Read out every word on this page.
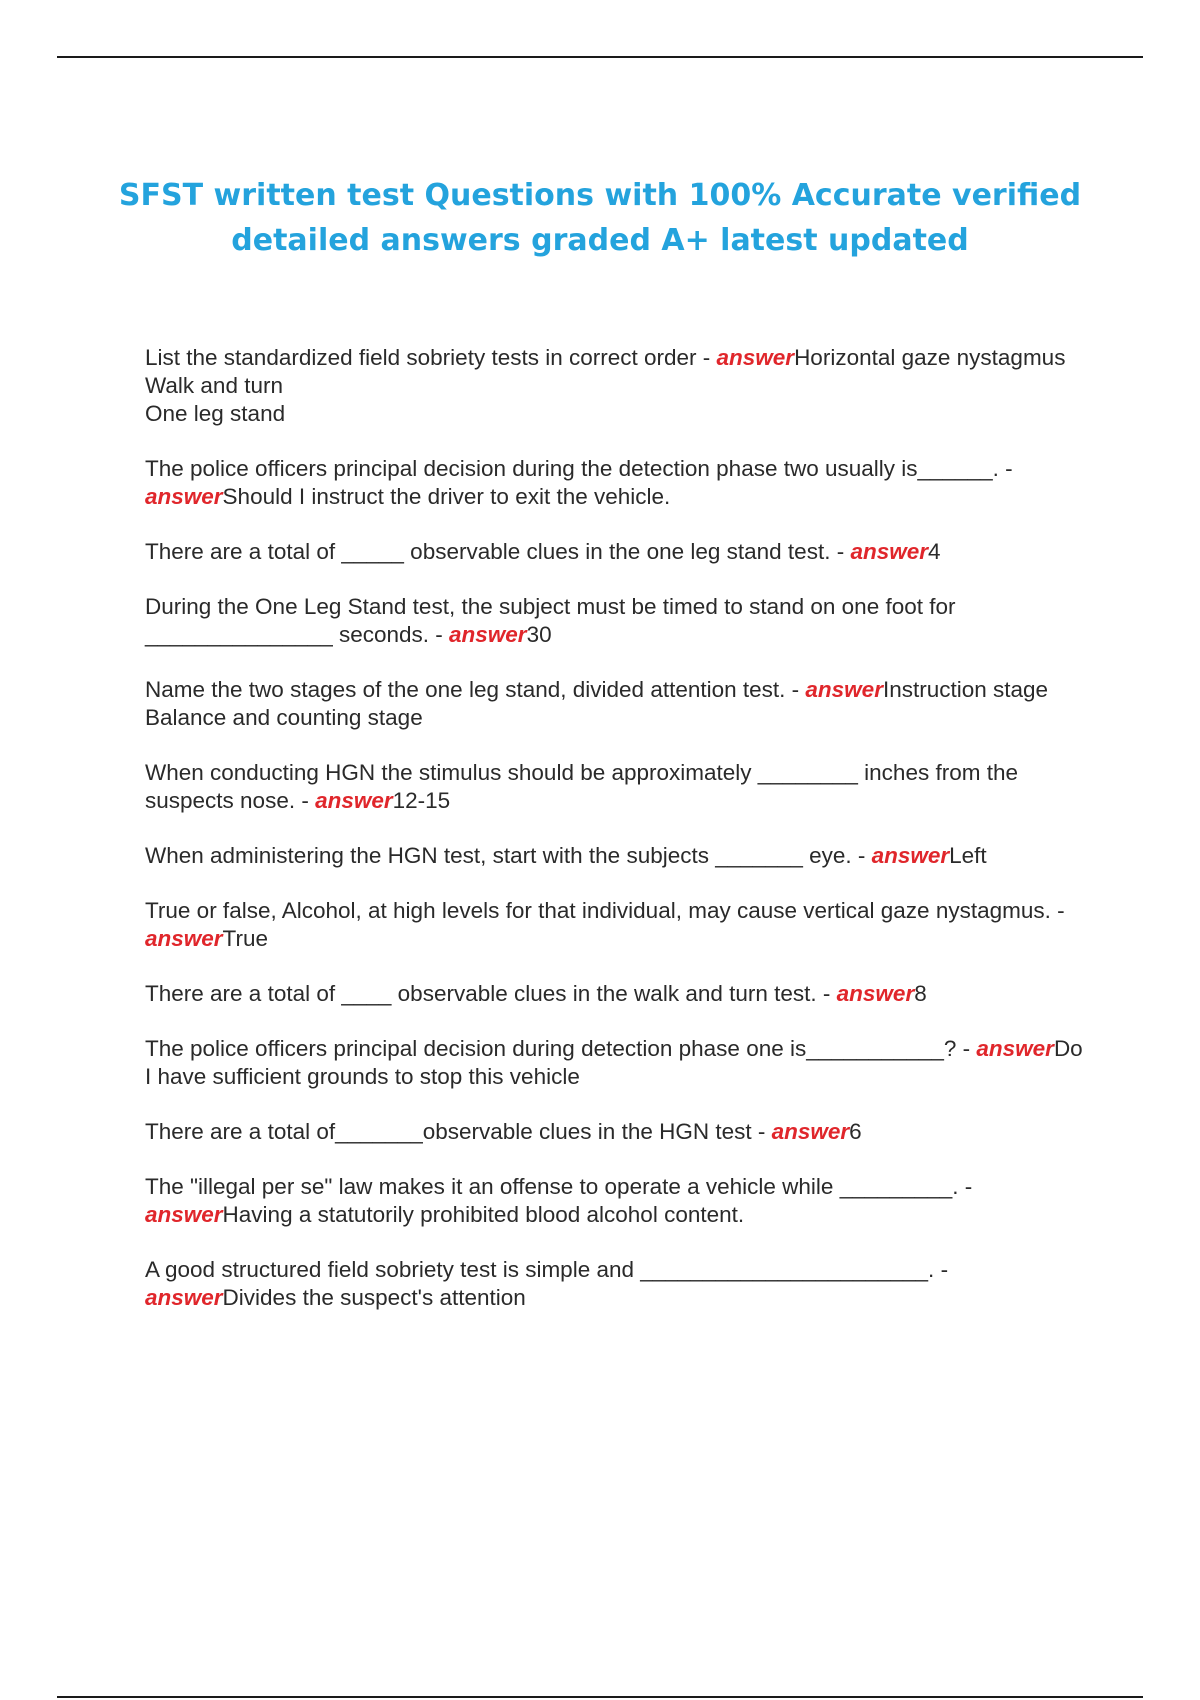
SFST written test Questions with 100% Accurate verified detailed answers graded A+ latest updated

List the standardized field sobriety tests in correct order - answerHorizontal gaze nystagmus
Walk and turn
One leg stand

The police officers principal decision during the detection phase two usually is______. - answerShould I instruct the driver to exit the vehicle.

There are a total of _____ observable clues in the one leg stand test. - answer4

During the One Leg Stand test, the subject must be timed to stand on one foot for _______________ seconds. - answer30

Name the two stages of the one leg stand, divided attention test. - answerInstruction stage
Balance and counting stage

When conducting HGN the stimulus should be approximately ________ inches from the suspects nose. - answer12-15

When administering the HGN test, start with the subjects _______ eye. - answerLeft

True or false, Alcohol, at high levels for that individual, may cause vertical gaze nystagmus. - answerTrue

There are a total of ____ observable clues in the walk and turn test. - answer8

The police officers principal decision during detection phase one is___________? - answerDo I have sufficient grounds to stop this vehicle

There are a total of_______observable clues in the HGN test - answer6

The "illegal per se" law makes it an offense to operate a vehicle while _________. - answerHaving a statutorily prohibited blood alcohol content.

A good structured field sobriety test is simple and _______________________. - answerDivides the suspect's attention
